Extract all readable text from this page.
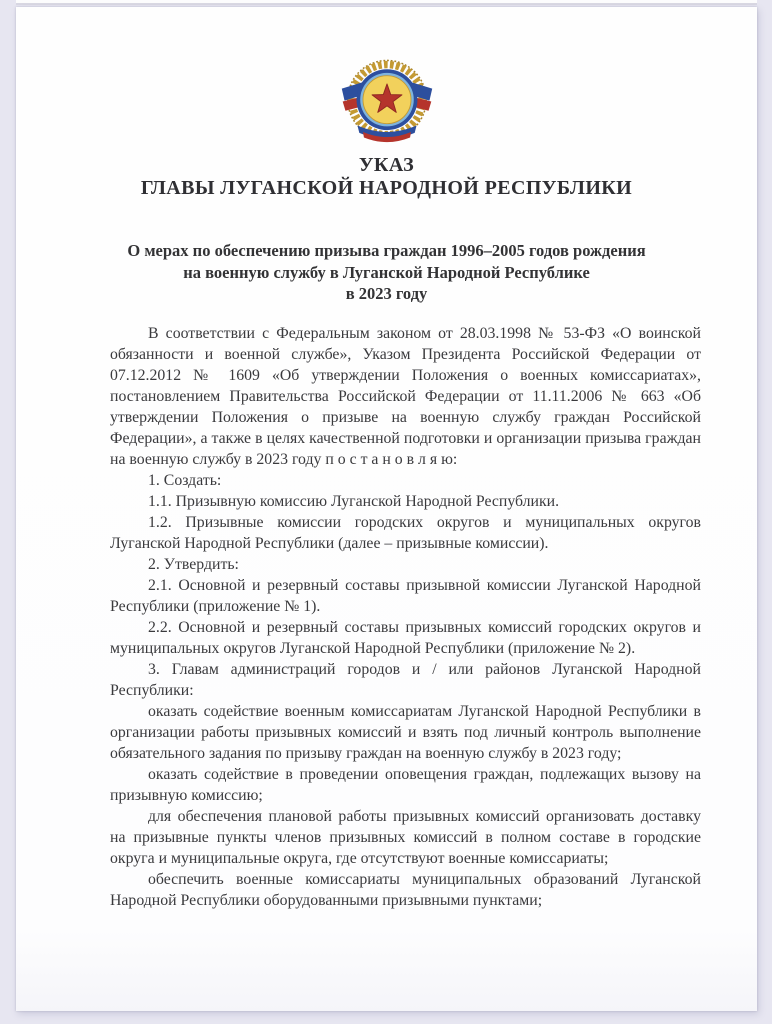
УКАЗ
ГЛАВЫ ЛУГАНСКОЙ НАРОДНОЙ РЕСПУБЛИКИ
О мерах по обеспечению призыва граждан 1996–2005 годов рождения
на военную службу в Луганской Народной Республике
в 2023 году

В соответствии с Федеральным законом от 28.03.1998 № 53-ФЗ «О воинской обязанности и военной службе», Указом Президента Российской Федерации от 07.12.2012 № 1609 «Об утверждении Положения о военных комиссариатах», постановлением Правительства Российской Федерации от 11.11.2006 № 663 «Об утверждении Положения о призыве на военную службу граждан Российской Федерации», а также в целях качественной подготовки и организации призыва граждан на военную службу в 2023 году п о с т а н о в л я ю:

1. Создать:

1.1. Призывную комиссию Луганской Народной Республики.

1.2. Призывные комиссии городских округов и муниципальных округов Луганской Народной Республики (далее – призывные комиссии).

2. Утвердить:

2.1. Основной и резервный составы призывной комиссии Луганской Народной Республики (приложение № 1).

2.2. Основной и резервный составы призывных комиссий городских округов и муниципальных округов Луганской Народной Республики (приложение № 2).

3. Главам администраций городов и / или районов Луганской Народной Республики:

оказать содействие военным комиссариатам Луганской Народной Республики в организации работы призывных комиссий и взять под личный контроль выполнение обязательного задания по призыву граждан на военную службу в 2023 году;

оказать содействие в проведении оповещения граждан, подлежащих вызову на призывную комиссию;

для обеспечения плановой работы призывных комиссий организовать доставку на призывные пункты членов призывных комиссий в полном составе в городские округа и муниципальные округа, где отсутствуют военные комиссариаты;

обеспечить военные комиссариаты муниципальных образований Луганской Народной Республики оборудованными призывными пунктами;
